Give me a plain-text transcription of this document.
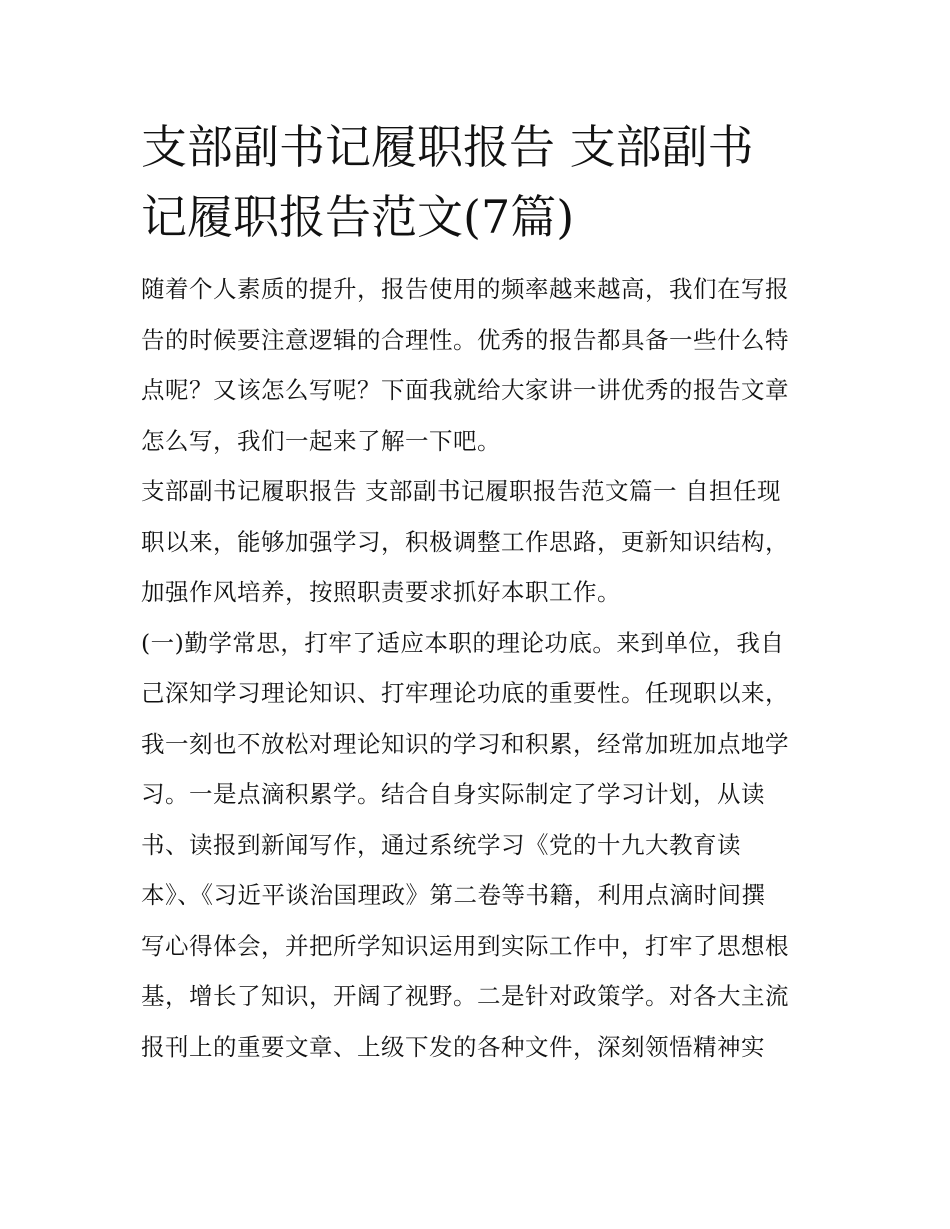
支部副书记履职报告 支部副书
记履职报告范文(7篇)
随着个人素质的提升，报告使用的频率越来越高，我们在写报
告的时候要注意逻辑的合理性。优秀的报告都具备一些什么特
点呢？又该怎么写呢？下面我就给大家讲一讲优秀的报告文章
怎么写，我们一起来了解一下吧。
支部副书记履职报告 支部副书记履职报告范文篇一 自担任现
职以来，能够加强学习，积极调整工作思路，更新知识结构，
加强作风培养，按照职责要求抓好本职工作。
(一)勤学常思，打牢了适应本职的理论功底。来到单位，我自
己深知学习理论知识、打牢理论功底的重要性。任现职以来，
我一刻也不放松对理论知识的学习和积累，经常加班加点地学
习。一是点滴积累学。结合自身实际制定了学习计划，从读
书、读报到新闻写作，通过系统学习《党的十九大教育读
本》、《习近平谈治国理政》第二卷等书籍，利用点滴时间撰
写心得体会，并把所学知识运用到实际工作中，打牢了思想根
基，增长了知识，开阔了视野。二是针对政策学。对各大主流
报刊上的重要文章、上级下发的各种文件，深刻领悟精神实
